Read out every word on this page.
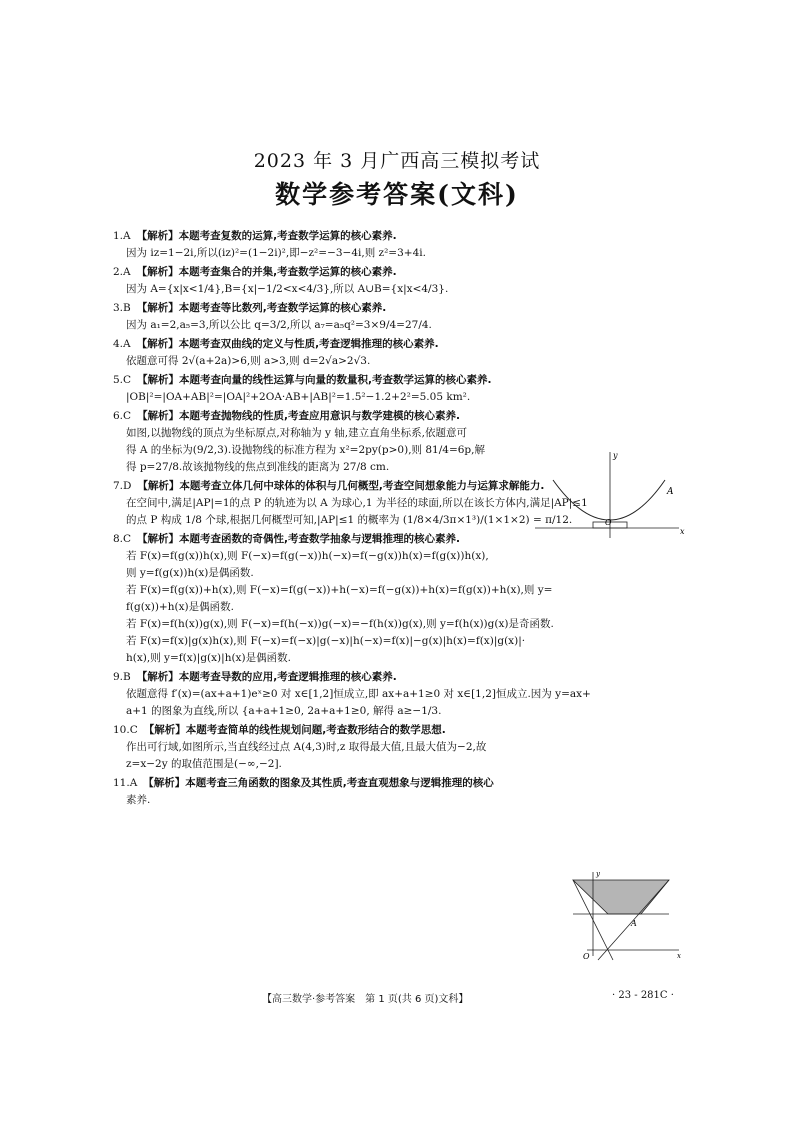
2023 年 3 月广西高三模拟考试
数学参考答案(文科)
1.A 【解析】本题考查复数的运算,考查数学运算的核心素养.
因为 iz=1−2i,所以(iz)²=(1−2i)²,即−z²=−3−4i,则 z²=3+4i.
2.A 【解析】本题考查集合的并集,考查数学运算的核心素养.
因为 A={x|x<1/4},B={x|−1/2<x<4/3},所以 A∪B={x|x<4/3}.
3.B 【解析】本题考查等比数列,考查数学运算的核心素养.
因为 a₁=2,a₅=3,所以公比 q=3/2,所以 a₇=a₅q²=3×9/4=27/4.
4.A 【解析】本题考查双曲线的定义与性质,考查逻辑推理的核心素养.
依题意可得 2√(a+2a)>6,则 a>3,则 d=2√a>2√3.
5.C 【解析】本题考查向量的线性运算与向量的数量积,考查数学运算的核心素养.
|OB|²=|OA+AB|²=|OA|²+2OA·AB+|AB|²=1.5²−1.2+2²=5.05 km².
6.C 【解析】本题考查抛物线的性质,考查应用意识与数学建模的核心素养.
如图,以抛物线的顶点为坐标原点,对称轴为 y 轴,建立直角坐标系,依题意可
得 A 的坐标为(9/2,3).设抛物线的标准方程为 x²=2py(p>0),则 81/4=6p,解
得 p=27/8.故该抛物线的焦点到准线的距离为 27/8 cm.
7.D 【解析】本题考查立体几何中球体的体积与几何概型,考查空间想象能力与运算求解能力.
在空间中,满足|AP|=1的点 P 的轨迹为以 A 为球心,1 为半径的球面,所以在该长方体内,满足|AP|≤1
的点 P 构成 1/8 个球,根据几何概型可知,|AP|≤1 的概率为 (1/8×4/3π×1³)/(1×1×2) = π/12.
8.C 【解析】本题考查函数的奇偶性,考查数学抽象与逻辑推理的核心素养.
若 F(x)=f(g(x))h(x),则 F(−x)=f(g(−x))h(−x)=f(−g(x))h(x)=f(g(x))h(x),
则 y=f(g(x))h(x)是偶函数.
若 F(x)=f(g(x))+h(x),则 F(−x)=f(g(−x))+h(−x)=f(−g(x))+h(x)=f(g(x))+h(x),则 y=
f(g(x))+h(x)是偶函数.
若 F(x)=f(h(x))g(x),则 F(−x)=f(h(−x))g(−x)=−f(h(x))g(x),则 y=f(h(x))g(x)是奇函数.
若 F(x)=f(x)|g(x)h(x),则 F(−x)=f(−x)|g(−x)|h(−x)=f(x)|−g(x)|h(x)=f(x)|g(x)|·
h(x),则 y=f(x)|g(x)|h(x)是偶函数.
9.B 【解析】本题考查导数的应用,考查逻辑推理的核心素养.
依题意得 f′(x)=(ax+a+1)eˣ≥0 对 x∈[1,2]恒成立,即 ax+a+1≥0 对 x∈[1,2]恒成立.因为 y=ax+
a+1 的图象为直线,所以 {a+a+1≥0, 2a+a+1≥0, 解得 a≥−1/3.
10.C 【解析】本题考查简单的线性规划问题,考查数形结合的数学思想.
作出可行域,如图所示,当直线经过点 A(4,3)时,z 取得最大值,且最大值为−2,故
z=x−2y 的取值范围是(−∞,−2].
11.A 【解析】本题考查三角函数的图象及其性质,考查直观想象与逻辑推理的核心
素养.
x
y
A
O
y
x
A
O
【高三数学·参考答案　第 1 页(共 6 页)文科】	· 23 - 281C ·
